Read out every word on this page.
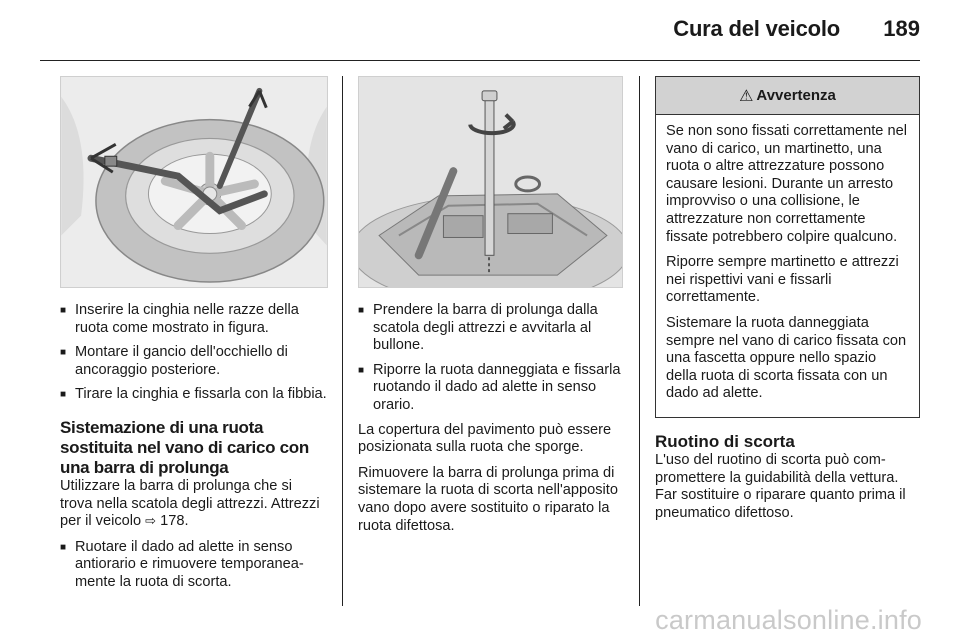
Cura del veicolo 189
■ Inserire la cinghia nelle razze della ruota come mostrato in figura.
■ Montare il gancio dell'occhiello di ancoraggio posteriore.
■ Tirare la cinghia e fissarla con la fibbia.
Sistemazione di una ruota sostituita nel vano di carico con una barra di prolunga

Utilizzare la barra di prolunga che si trova nella scatola degli attrezzi. Attrezzi per il veicolo ⇨ 178.

■ Ruotare il dado ad alette in senso antiorario e rimuovere temporaneamente la ruota di scorta.
■ Prendere la barra di prolunga dalla scatola degli attrezzi e avvitarla al bullone.
■ Riporre la ruota danneggiata e fissarla ruotando il dado ad alette in senso orario.

La copertura del pavimento può essere posizionata sulla ruota che sporge.

Rimuovere la barra di prolunga prima di sistemare la ruota di scorta nell'apposito vano dopo avere sostituito o riparato la ruota difettosa.

⚠ Avvertenza

Se non sono fissati correttamente nel vano di carico, un martinetto, una ruota o altre attrezzature possono causare lesioni. Durante un arresto improvviso o una collisione, le attrezzature non correttamente fissate potrebbero colpire qualcuno.

Riporre sempre martinetto e attrezzi nei rispettivi vani e fissarli correttamente.

Sistemare la ruota danneggiata sempre nel vano di carico fissata con una fascetta oppure nello spazio della ruota di scorta fissata con un dado ad alette.

Ruotino di scorta

L'uso del ruotino di scorta può compromettere la guidabilità della vettura. Far sostituire o riparare quanto prima il pneumatico difettoso.

carmanualsonline.info
